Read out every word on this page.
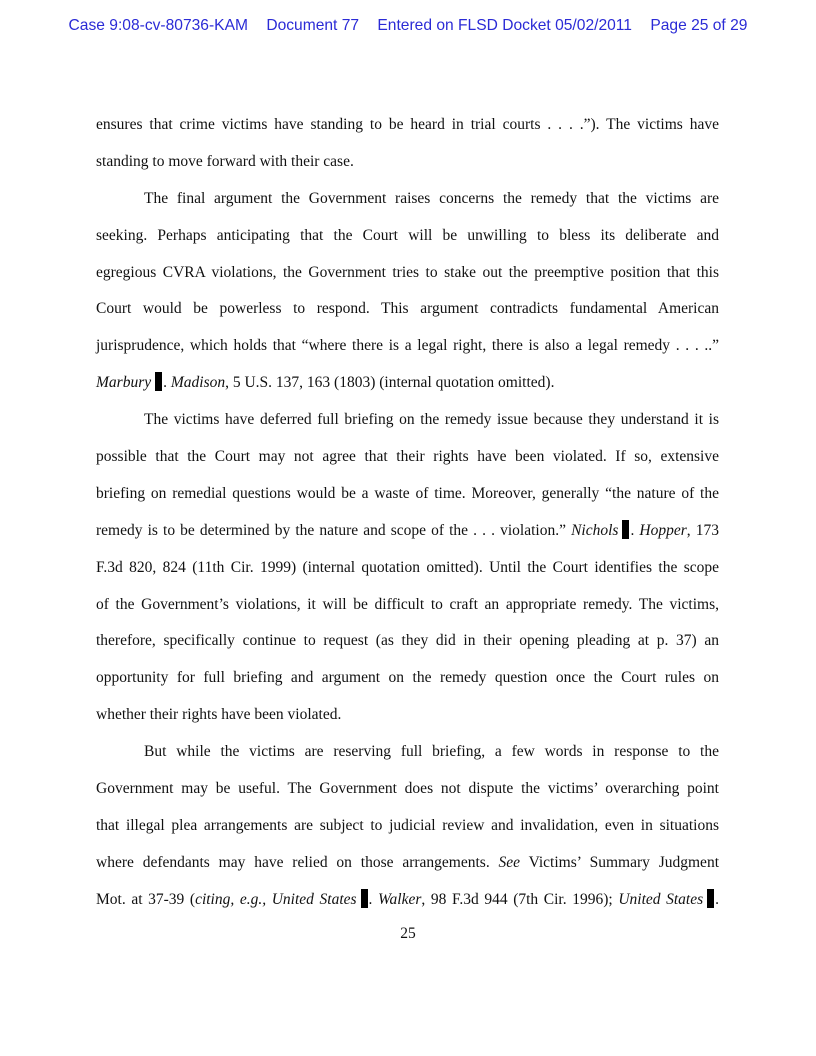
Case 9:08-cv-80736-KAM Document 77 Entered on FLSD Docket 05/02/2011 Page 25 of 29
ensures that crime victims have standing to be heard in trial courts . . . .”). The victims have
standing to move forward with their case.
The final argument the Government raises concerns the remedy that the victims are
seeking. Perhaps anticipating that the Court will be unwilling to bless its deliberate and
egregious CVRA violations, the Government tries to stake out the preemptive position that this
Court would be powerless to respond. This argument contradicts fundamental American
jurisprudence, which holds that “where there is a legal right, there is also a legal remedy . . . ..”
Marbury . Madison, 5 U.S. 137, 163 (1803) (internal quotation omitted).
The victims have deferred full briefing on the remedy issue because they understand it is
possible that the Court may not agree that their rights have been violated. If so, extensive
briefing on remedial questions would be a waste of time. Moreover, generally “the nature of the
remedy is to be determined by the nature and scope of the . . . violation.” Nichols . Hopper, 173
F.3d 820, 824 (11th Cir. 1999) (internal quotation omitted). Until the Court identifies the scope
of the Government’s violations, it will be difficult to craft an appropriate remedy. The victims,
therefore, specifically continue to request (as they did in their opening pleading at p. 37) an
opportunity for full briefing and argument on the remedy question once the Court rules on
whether their rights have been violated.
But while the victims are reserving full briefing, a few words in response to the
Government may be useful. The Government does not dispute the victims’ overarching point
that illegal plea arrangements are subject to judicial review and invalidation, even in situations
where defendants may have relied on those arrangements. See Victims’ Summary Judgment
Mot. at 37-39 (citing, e.g., United States . Walker, 98 F.3d 944 (7th Cir. 1996); United States .
25
